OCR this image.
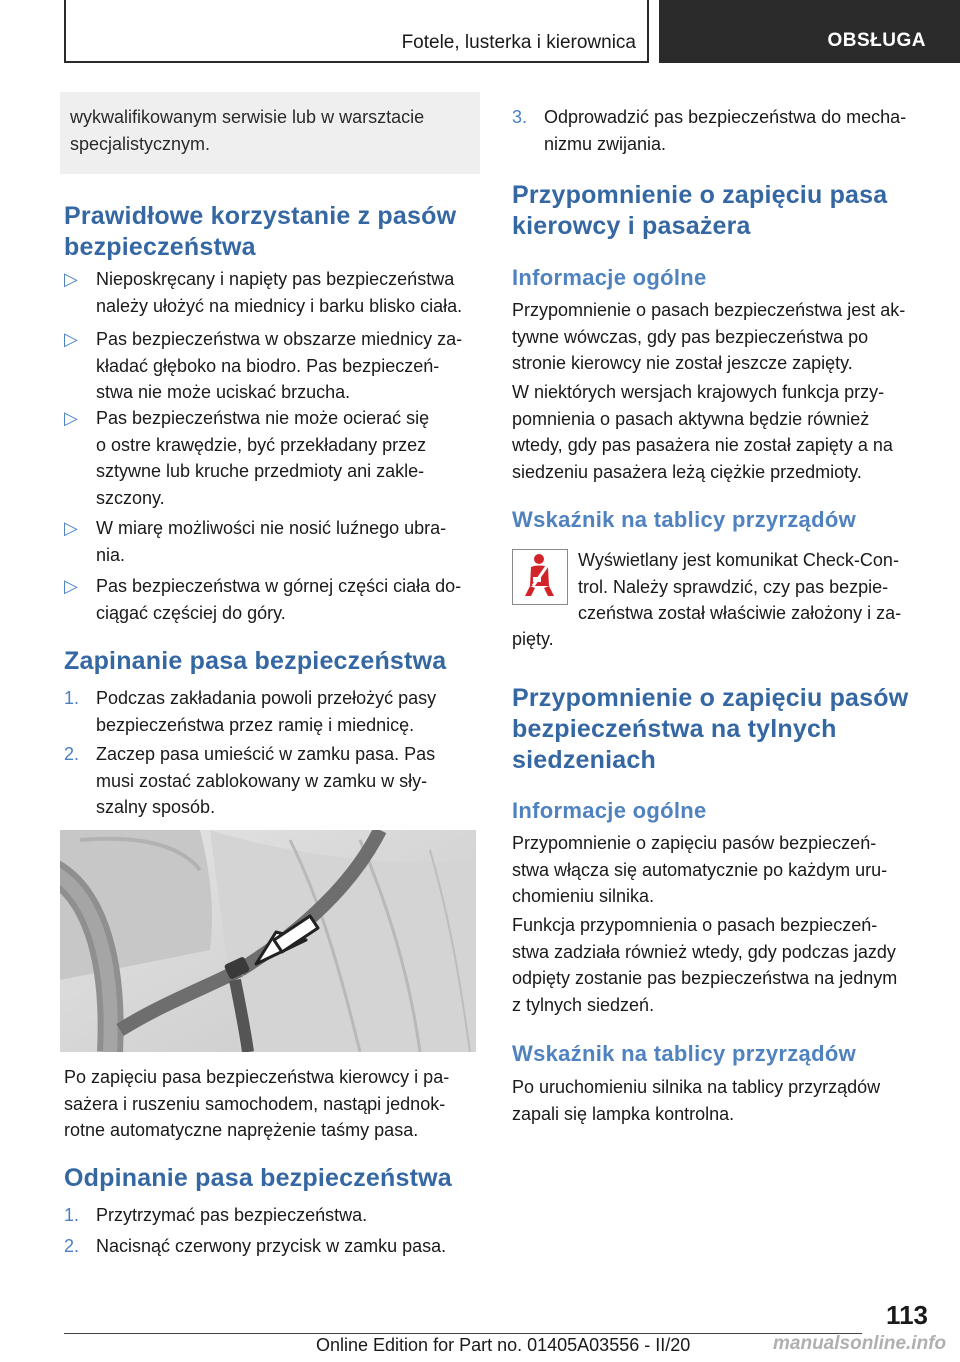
Fotele, lusterka i kierownica	OBSŁUGA

wykwalifikowanym serwisie lub w warsztacie specjalistycznym.

Prawidłowe korzystanie z pasów
bezpieczeństwa
▷	Nieposkręcany i napięty pas bezpieczeństwa
należy ułożyć na miednicy i barku blisko ciała.
▷	Pas bezpieczeństwa w obszarze miednicy za-
kładać głęboko na biodro. Pas bezpieczeń-
stwa nie może uciskać brzucha.
▷	Pas bezpieczeństwa nie może ocierać się
o ostre krawędzie, być przekładany przez
sztywne lub kruche przedmioty ani zakle-
szczony.
▷	W miarę możliwości nie nosić luźnego ubra-
nia.
▷	Pas bezpieczeństwa w górnej części ciała do-
ciągać częściej do góry.
Zapinanie pasa bezpieczeństwa
1. Podczas zakładania powoli przełożyć pasy
bezpieczeństwa przez ramię i miednicę.
2. Zaczep pasa umieścić w zamku pasa. Pas
musi zostać zablokowany w zamku w sły-
szalny sposób.
Po zapięciu pasa bezpieczeństwa kierowcy i pa-
sażera i ruszeniu samochodem, nastąpi jednok-
rotne automatyczne naprężenie taśmy pasa.
Odpinanie pasa bezpieczeństwa
1. Przytrzymać pas bezpieczeństwa.
2. Nacisnąć czerwony przycisk w zamku pasa.
3. Odprowadzić pas bezpieczeństwa do mecha-
nizmu zwijania.
Przypomnienie o zapięciu pasa
kierowcy i pasażera
Informacje ogólne
Przypomnienie o pasach bezpieczeństwa jest ak-
tywne wówczas, gdy pas bezpieczeństwa po
stronie kierowcy nie został jeszcze zapięty.
W niektórych wersjach krajowych funkcja przy-
pomnienia o pasach aktywna będzie również
wtedy, gdy pas pasażera nie został zapięty a na
siedzeniu pasażera leżą ciężkie przedmioty.
Wskaźnik na tablicy przyrządów
Wyświetlany jest komunikat Check-Con-
trol. Należy sprawdzić, czy pas bezpie-
czeństwa został właściwie założony i za-
pięty.
Przypomnienie o zapięciu pasów
bezpieczeństwa na tylnych
siedzeniach
Informacje ogólne
Przypomnienie o zapięciu pasów bezpieczeń-
stwa włącza się automatycznie po każdym uru-
chomieniu silnika.
Funkcja przypomnienia o pasach bezpieczeń-
stwa zadziała również wtedy, gdy podczas jazdy
odpięty zostanie pas bezpieczeństwa na jednym
z tylnych siedzeń.
Wskaźnik na tablicy przyrządów
Po uruchomieniu silnika na tablicy przyrządów
zapali się lampka kontrolna.
113
Online Edition for Part no. 01405A03556 - II/20	manualsonline.info
